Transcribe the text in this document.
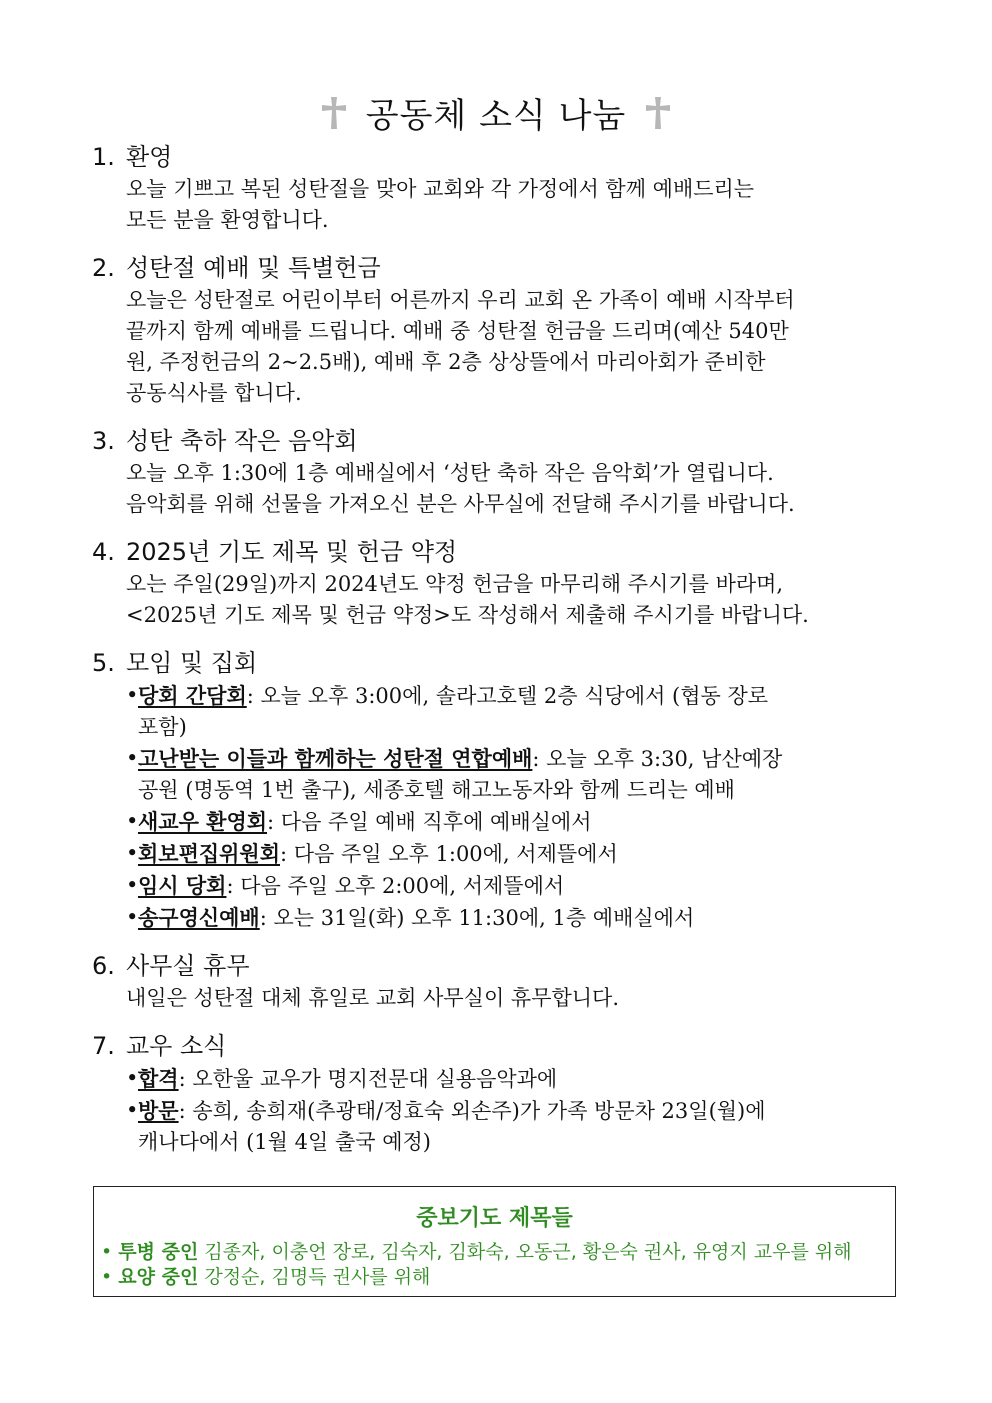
공동체 소식 나눔
1. 환영
오늘 기쁘고 복된 성탄절을 맞아 교회와 각 가정에서 함께 예배드리는
모든 분을 환영합니다.
2. 성탄절 예배 및 특별헌금
오늘은 성탄절로 어린이부터 어른까지 우리 교회 온 가족이 예배 시작부터
끝까지 함께 예배를 드립니다. 예배 중 성탄절 헌금을 드리며(예산 540만
원, 주정헌금의 2~2.5배), 예배 후 2층 상상뜰에서 마리아회가 준비한
공동식사를 합니다.
3. 성탄 축하 작은 음악회
오늘 오후 1:30에 1층 예배실에서 ‘성탄 축하 작은 음악회’가 열립니다.
음악회를 위해 선물을 가져오신 분은 사무실에 전달해 주시기를 바랍니다.
4. 2025년 기도 제목 및 헌금 약정
오는 주일(29일)까지 2024년도 약정 헌금을 마무리해 주시기를 바라며,
<2025년 기도 제목 및 헌금 약정>도 작성해서 제출해 주시기를 바랍니다.
5. 모임 및 집회
• 당회 간담회: 오늘 오후 3:00에, 솔라고호텔 2층 식당에서 (협동 장로
포함)
• 고난받는 이들과 함께하는 성탄절 연합예배: 오늘 오후 3:30, 남산예장
공원 (명동역 1번 출구), 세종호텔 해고노동자와 함께 드리는 예배
• 새교우 환영회: 다음 주일 예배 직후에 예배실에서
• 회보편집위원회: 다음 주일 오후 1:00에, 서제뜰에서
• 임시 당회: 다음 주일 오후 2:00에, 서제뜰에서
• 송구영신예배: 오는 31일(화) 오후 11:30에, 1층 예배실에서
6. 사무실 휴무
내일은 성탄절 대체 휴일로 교회 사무실이 휴무합니다.
7. 교우 소식
• 합격: 오한울 교우가 명지전문대 실용음악과에
• 방문: 송희, 송희재(추광태/정효숙 외손주)가 가족 방문차 23일(월)에
캐나다에서 (1월 4일 출국 예정)
중보기도 제목들
• 투병 중인 김종자, 이충언 장로, 김숙자, 김화숙, 오동근, 황은숙 권사, 유영지 교우를 위해
• 요양 중인 강정순, 김명득 권사를 위해
